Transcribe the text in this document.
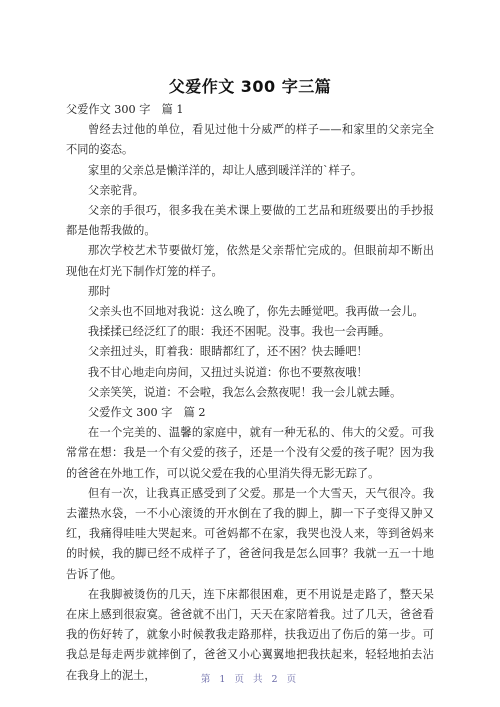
父爱作文 300 字三篇

父爱作文 300 字　篇 1

曾经去过他的单位，看见过他十分威严的样子——和家里的父亲完全不同的姿态。

家里的父亲总是懒洋洋的，却让人感到暖洋洋的`样子。

父亲驼背。

父亲的手很巧，很多我在美术课上要做的工艺品和班级要出的手抄报都是他帮我做的。

那次学校艺术节要做灯笼，依然是父亲帮忙完成的。但眼前却不断出现他在灯光下制作灯笼的样子。

那时

父亲头也不回地对我说：这么晚了，你先去睡觉吧。我再做一会儿。

我揉揉已经泛红了的眼：我还不困呢。没事。我也一会再睡。

父亲扭过头，盯着我：眼睛都红了，还不困？快去睡吧！

我不甘心地走向房间，又扭过头说道：你也不要熬夜哦！

父亲笑笑，说道：不会啦，我怎么会熬夜呢！我一会儿就去睡。

父爱作文 300 字　篇 2

在一个完美的、温馨的家庭中，就有一种无私的、伟大的父爱。可我常常在想：我是一个有父爱的孩子，还是一个没有父爱的孩子呢？因为我的爸爸在外地工作，可以说父爱在我的心里消失得无影无踪了。

但有一次，让我真正感受到了父爱。那是一个大雪天，天气很冷。我去灌热水袋，一不小心滚烫的开水倒在了我的脚上，脚一下子变得又肿又红，我痛得哇哇大哭起来。可爸妈都不在家，我哭也没人来，等到爸妈来的时候，我的脚已经不成样子了，爸爸问我是怎么回事？我就一五一十地告诉了他。

在我脚被烫伤的几天，连下床都很困难，更不用说是走路了，整天呆在床上感到很寂寞。爸爸就不出门，天天在家陪着我。过了几天，爸爸看我的伤好转了，就象小时候教我走路那样，扶我迈出了伤后的第一步。可我总是每走两步就摔倒了，爸爸又小心翼翼地把我扶起来，轻轻地拍去沾在我身上的泥土，	第 1 页 共 2 页
